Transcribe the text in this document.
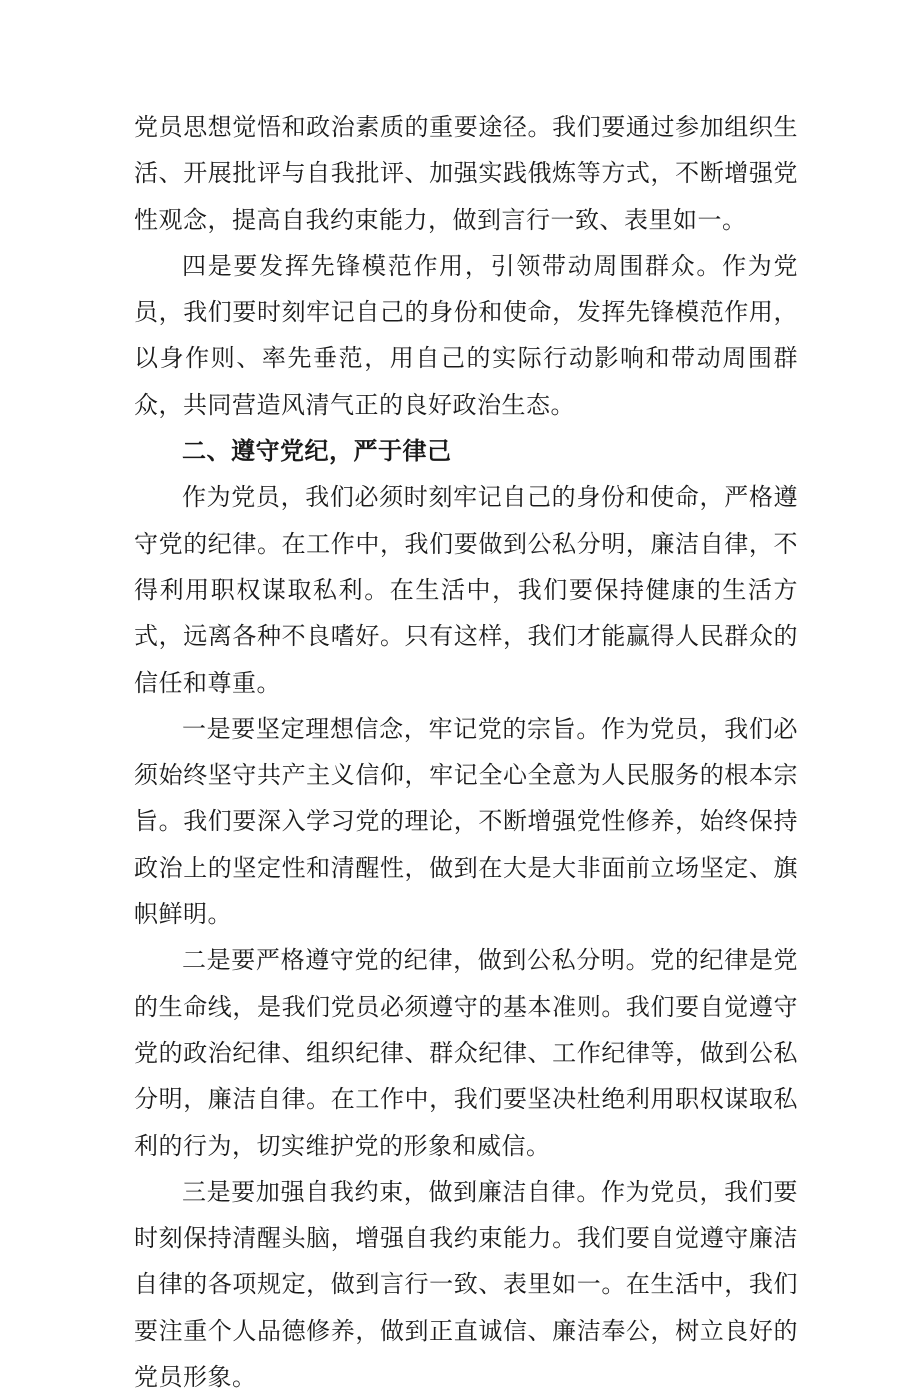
党员思想觉悟和政治素质的重要途径。我们要通过参加组织生活、开展批评与自我批评、加强实践俄炼等方式，不断增强党性观念，提高自我约束能力，做到言行一致、表里如一。

四是要发挥先锋模范作用，引领带动周围群众。作为党员，我们要时刻牢记自己的身份和使命，发挥先锋模范作用，以身作则、率先垂范，用自己的实际行动影响和带动周围群众，共同营造风清气正的良好政治生态。

二、遵守党纪，严于律己

作为党员，我们必须时刻牢记自己的身份和使命，严格遵守党的纪律。在工作中，我们要做到公私分明，廉洁自律，不得利用职权谋取私利。在生活中，我们要保持健康的生活方式，远离各种不良嗜好。只有这样，我们才能赢得人民群众的信任和尊重。

一是要坚定理想信念，牢记党的宗旨。作为党员，我们必须始终坚守共产主义信仰，牢记全心全意为人民服务的根本宗旨。我们要深入学习党的理论，不断增强党性修养，始终保持政治上的坚定性和清醒性，做到在大是大非面前立场坚定、旗帜鲜明。

二是要严格遵守党的纪律，做到公私分明。党的纪律是党的生命线，是我们党员必须遵守的基本准则。我们要自觉遵守党的政治纪律、组织纪律、群众纪律、工作纪律等，做到公私分明，廉洁自律。在工作中，我们要坚决杜绝利用职权谋取私利的行为，切实维护党的形象和威信。

三是要加强自我约束，做到廉洁自律。作为党员，我们要时刻保持清醒头脑，增强自我约束能力。我们要自觉遵守廉洁自律的各项规定，做到言行一致、表里如一。在生活中，我们要注重个人品德修养，做到正直诚信、廉洁奉公，树立良好的党员形象。
